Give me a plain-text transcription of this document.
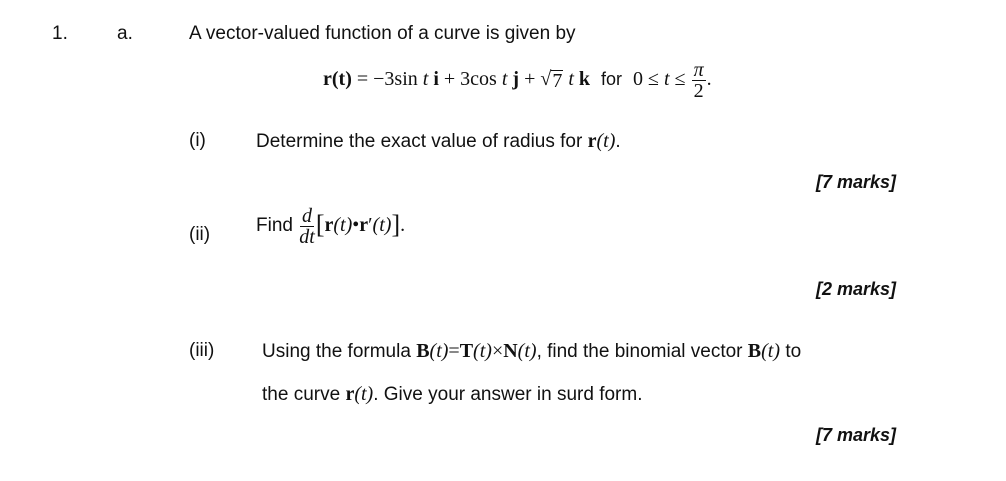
1.	a.	A vector-valued function of a curve is given by
r(t) = −3sin t i + 3cos t j + √ 7 t k for $0 \le t \le \frac{\pi}{2}$ .
(i)	Determine the exact value of radius for r(t).
[7 marks]
(ii) Find $\frac{d}{dt}$ [r(t)•r′(t)].
[2 marks]
(iii)	Using the formula B(t)=T(t)×N(t), find the binomial vector B(t) to
the curve r(t). Give your answer in surd form.
[7 marks]
